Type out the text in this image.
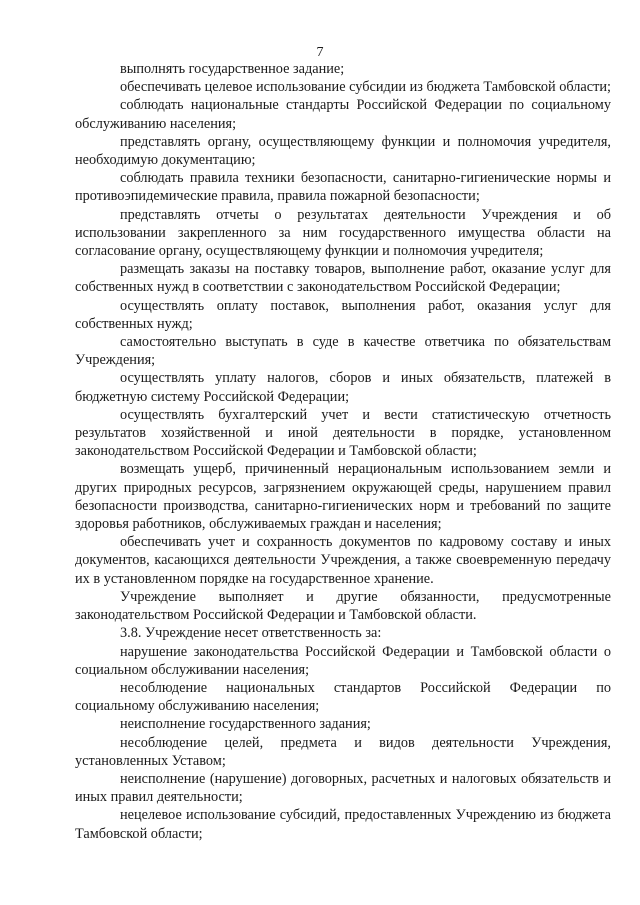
7

выполнять государственное задание;

обеспечивать целевое использование субсидии из бюджета Тамбовской области;

соблюдать национальные стандарты Российской Федерации по социальному обслуживанию населения;

представлять органу, осуществляющему функции и полномочия учредителя, необходимую документацию;

соблюдать правила техники безопасности, санитарно-гигиенические нормы и противоэпидемические правила, правила пожарной безопасности;

представлять отчеты о результатах деятельности Учреждения и об использовании закрепленного за ним государственного имущества области на согласование органу, осуществляющему функции и полномочия учредителя;

размещать заказы на поставку товаров, выполнение работ, оказание услуг для собственных нужд в соответствии с законодательством Российской Федерации;

осуществлять оплату поставок, выполнения работ, оказания услуг для собственных нужд;

самостоятельно выступать в суде в качестве ответчика по обязательствам Учреждения;

осуществлять уплату налогов, сборов и иных обязательств, платежей в бюджетную систему Российской Федерации;

осуществлять бухгалтерский учет и вести статистическую отчетность результатов хозяйственной и иной деятельности в порядке, установленном законодательством Российской Федерации и Тамбовской области;

возмещать ущерб, причиненный нерациональным использованием земли и других природных ресурсов, загрязнением окружающей среды, нарушением правил безопасности производства, санитарно-гигиенических норм и требований по защите здоровья работников, обслуживаемых граждан и населения;

обеспечивать учет и сохранность документов по кадровому составу и иных документов, касающихся деятельности Учреждения, а также своевременную передачу их в установленном порядке на государственное хранение.

Учреждение выполняет и другие обязанности, предусмотренные законодательством Российской Федерации и Тамбовской области.

3.8. Учреждение несет ответственность за:

нарушение законодательства Российской Федерации и Тамбовской области о социальном обслуживании населения;

несоблюдение национальных стандартов Российской Федерации по социальному обслуживанию населения;

неисполнение государственного задания;

несоблюдение целей, предмета и видов деятельности Учреждения, установленных Уставом;

неисполнение (нарушение) договорных, расчетных и налоговых обязательств и иных правил деятельности;

нецелевое использование субсидий, предоставленных Учреждению из бюджета Тамбовской области;
